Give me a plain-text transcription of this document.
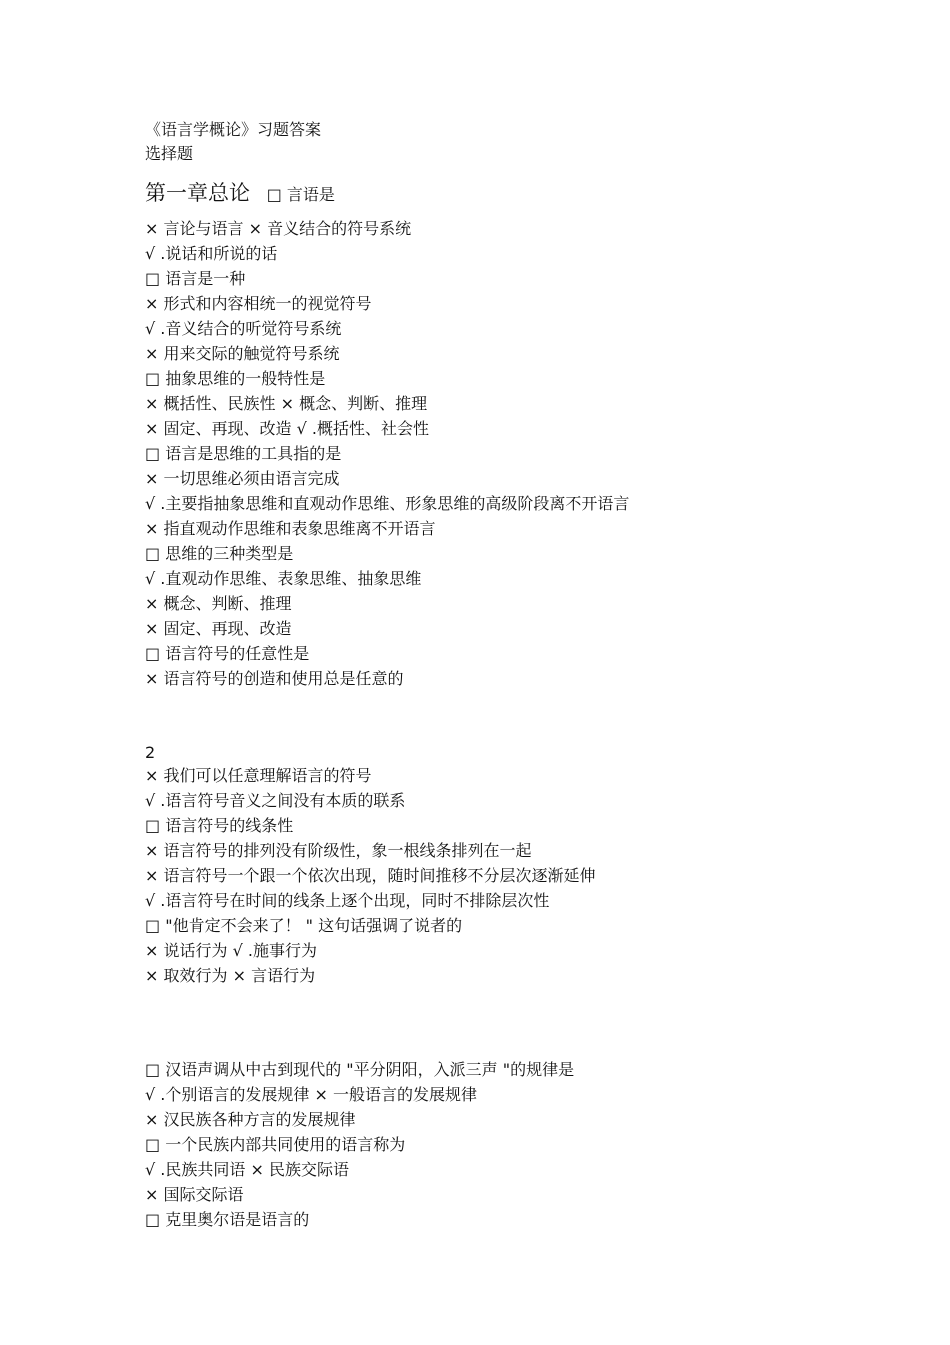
《语言学概论》习题答案
选择题
第一章总论 □ 言语是
× 言论与语言 × 音义结合的符号系统
√ .说话和所说的话
□ 语言是一种
× 形式和内容相统一的视觉符号
√ .音义结合的听觉符号系统
× 用来交际的触觉符号系统
□ 抽象思维的一般特性是
× 概括性、民族性 × 概念、判断、推理
× 固定、再现、改造 √ .概括性、社会性
□ 语言是思维的工具指的是
× 一切思维必须由语言完成
√ .主要指抽象思维和直观动作思维、形象思维的高级阶段离不开语言
× 指直观动作思维和表象思维离不开语言
□ 思维的三种类型是
√ .直观动作思维、表象思维、抽象思维
× 概念、判断、推理
× 固定、再现、改造
□ 语言符号的任意性是
× 语言符号的创造和使用总是任意的
2
× 我们可以任意理解语言的符号
√ .语言符号音义之间没有本质的联系
□ 语言符号的线条性
× 语言符号的排列没有阶级性，象一根线条排列在一起
× 语言符号一个跟一个依次出现，随时间推移不分层次逐渐延伸
√ .语言符号在时间的线条上逐个出现，同时不排除层次性
□ "他肯定不会来了！ " 这句话强调了说者的
× 说话行为 √ .施事行为
× 取效行为 × 言语行为
□ 汉语声调从中古到现代的 "平分阴阳，入派三声 "的规律是
√ .个别语言的发展规律 × 一般语言的发展规律
× 汉民族各种方言的发展规律
□ 一个民族内部共同使用的语言称为
√ .民族共同语 × 民族交际语
× 国际交际语
□ 克里奥尔语是语言的
